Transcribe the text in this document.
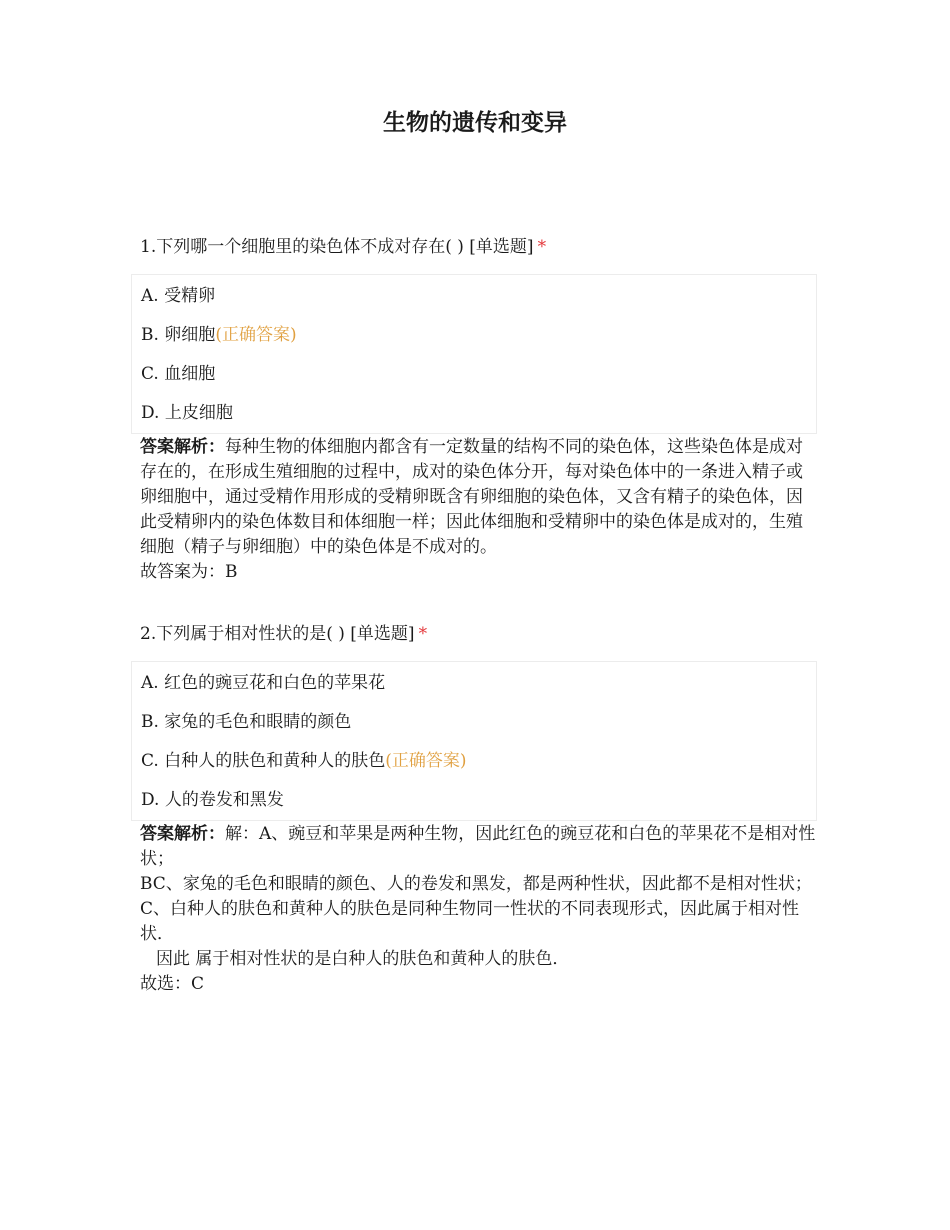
生物的遗传和变异
1.下列哪一个细胞里的染色体不成对存在( ) [单选题] *
A. 受精卵
B. 卵细胞(正确答案)
C. 血细胞
D. 上皮细胞

答案解析：每种生物的体细胞内都含有一定数量的结构不同的染色体，这些染色体是成对存在的，在形成生殖细胞的过程中，成对的染色体分开，每对染色体中的一条进入精子或卵细胞中，通过受精作用形成的受精卵既含有卵细胞的染色体，又含有精子的染色体，因此受精卵内的染色体数目和体细胞一样；因此体细胞和受精卵中的染色体是成对的，生殖细胞（精子与卵细胞）中的染色体是不成对的。

故答案为：B

2.下列属于相对性状的是( ) [单选题] *
A. 红色的豌豆花和白色的苹果花
B. 家兔的毛色和眼睛的颜色
C. 白种人的肤色和黄种人的肤色(正确答案)
D. 人的卷发和黑发

答案解析：解：A、豌豆和苹果是两种生物，因此红色的豌豆花和白色的苹果花不是相对性状；

BC、家兔的毛色和眼睛的颜色、人的卷发和黑发，都是两种性状，因此都不是相对性状；

C、白种人的肤色和黄种人的肤色是同种生物同一性状的不同表现形式，因此属于相对性状．

因此 属于相对性状的是白种人的肤色和黄种人的肤色．

故选：C
